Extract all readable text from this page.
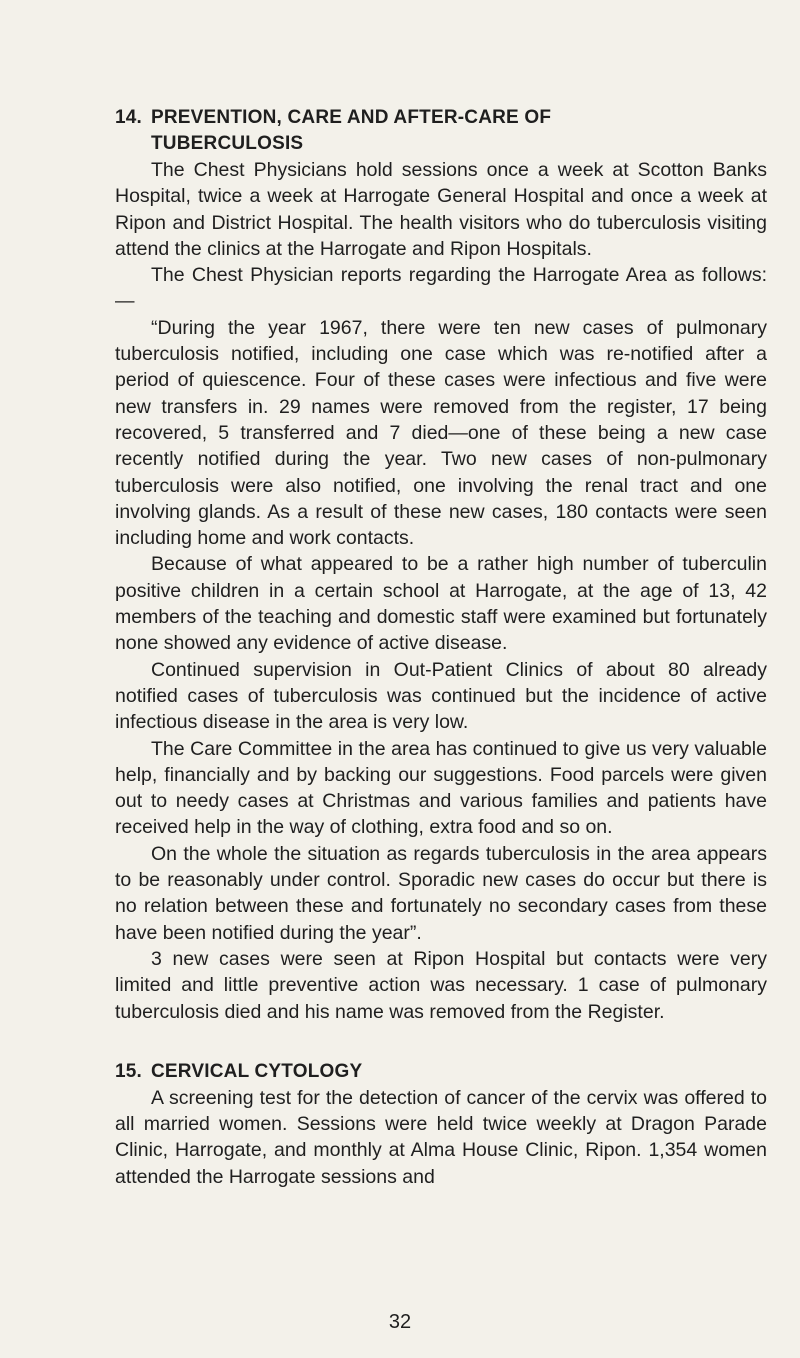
14. PREVENTION, CARE AND AFTER-CARE OF
TUBERCULOSIS

The Chest Physicians hold sessions once a week at Scotton Banks Hospital, twice a week at Harrogate General Hospital and once a week at Ripon and District Hospital. The health visitors who do tuberculosis visiting attend the clinics at the Harrogate and Ripon Hospitals.

The Chest Physician reports regarding the Harrogate Area as follows:—

“During the year 1967, there were ten new cases of pulmonary tuberculosis notified, including one case which was re-notified after a period of quiescence. Four of these cases were infectious and five were new transfers in. 29 names were removed from the register, 17 being recovered, 5 transferred and 7 died—one of these being a new case recently notified during the year. Two new cases of non-pulmonary tuberculosis were also notified, one involving the renal tract and one involving glands. As a result of these new cases, 180 contacts were seen including home and work contacts.

Because of what appeared to be a rather high number of tuberculin positive children in a certain school at Harrogate, at the age of 13, 42 members of the teaching and domestic staff were examined but fortunately none showed any evidence of active disease.

Continued supervision in Out-Patient Clinics of about 80 already notified cases of tuberculosis was continued but the incidence of active infectious disease in the area is very low.

The Care Committee in the area has continued to give us very valuable help, financially and by backing our suggestions. Food parcels were given out to needy cases at Christmas and various families and patients have received help in the way of clothing, extra food and so on.

On the whole the situation as regards tuberculosis in the area appears to be reasonably under control. Sporadic new cases do occur but there is no relation between these and fortunately no secondary cases from these have been notified during the year”.

3 new cases were seen at Ripon Hospital but contacts were very limited and little preventive action was necessary. 1 case of pulmonary tuberculosis died and his name was removed from the Register.

15. CERVICAL CYTOLOGY

A screening test for the detection of cancer of the cervix was offered to all married women. Sessions were held twice weekly at Dragon Parade Clinic, Harrogate, and monthly at Alma House Clinic, Ripon. 1,354 women attended the Harrogate sessions and

32
